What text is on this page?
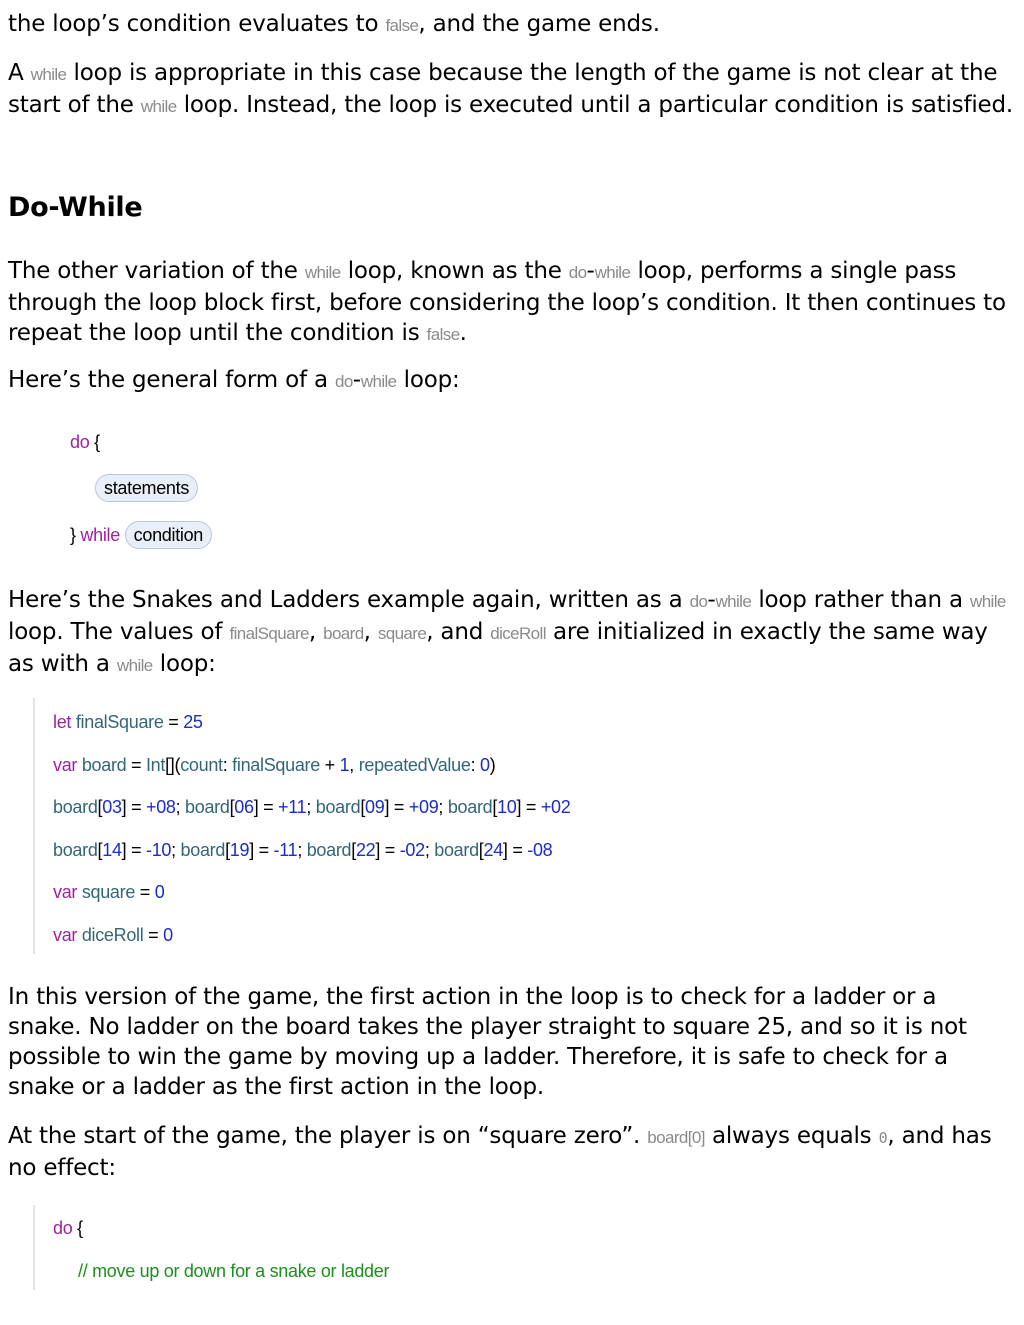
the loop’s condition evaluates to false, and the game ends.
A while loop is appropriate in this case because the length of the game is not clear at the start of the while loop. Instead, the loop is executed until a particular condition is satisfied.
Do-While
The other variation of the while loop, known as the do-while loop, performs a single pass through the loop block first, before considering the loop’s condition. It then continues to repeat the loop until the condition is false.
Here’s the general form of a do-while loop:
do {
statements
} while condition
Here’s the Snakes and Ladders example again, written as a do-while loop rather than a while loop. The values of finalSquare, board, square, and diceRoll are initialized in exactly the same way as with a while loop:
let finalSquare = 25
var board = Int[](count: finalSquare + 1, repeatedValue: 0)
board[03] = +08; board[06] = +11; board[09] = +09; board[10] = +02
board[14] = -10; board[19] = -11; board[22] = -02; board[24] = -08
var square = 0
var diceRoll = 0
In this version of the game, the first action in the loop is to check for a ladder or a snake. No ladder on the board takes the player straight to square 25, and so it is not possible to win the game by moving up a ladder. Therefore, it is safe to check for a snake or a ladder as the first action in the loop.
At the start of the game, the player is on “square zero”. board[0] always equals 0, and has no effect:
do {
// move up or down for a snake or ladder
